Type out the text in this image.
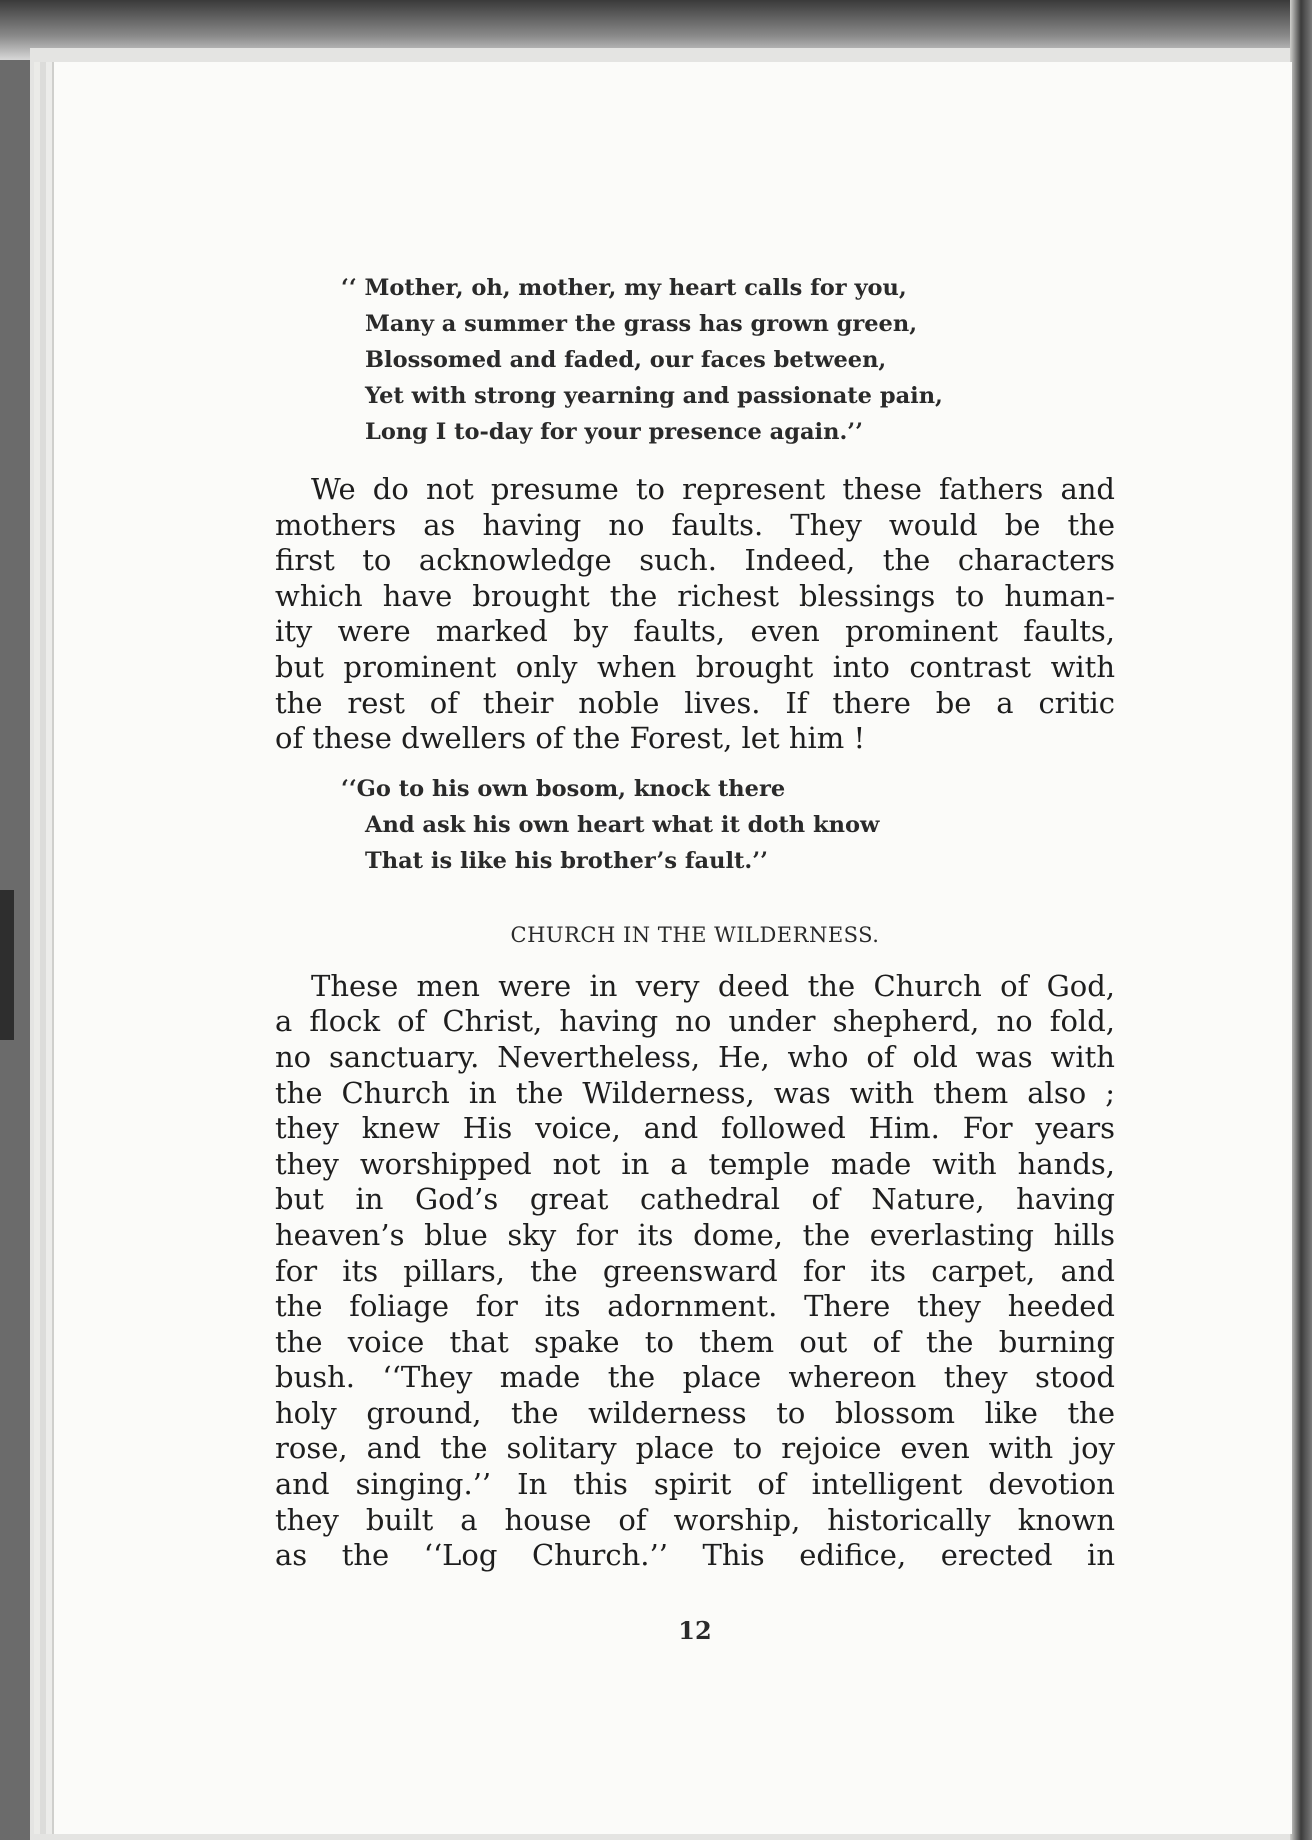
‘‘ Mother, oh, mother, my heart calls for you,
Many a summer the grass has grown green,
Blossomed and faded, our faces between,
Yet with strong yearning and passionate pain,
Long I to-day for your presence again.’’
We do not presume to represent these fathers and
mothers as having no faults. They would be the
first to acknowledge such. Indeed, the characters
which have brought the richest blessings to human-
ity were marked by faults, even prominent faults,
but prominent only when brought into contrast with
the rest of their noble lives. If there be a critic
of these dwellers of the Forest, let him !
‘‘Go to his own bosom, knock there
And ask his own heart what it doth know
That is like his brother’s fault.’’
CHURCH IN THE WILDERNESS.
These men were in very deed the Church of God,
a flock of Christ, having no under shepherd, no fold,
no sanctuary. Nevertheless, He, who of old was with
the Church in the Wilderness, was with them also ;
they knew His voice, and followed Him. For years
they worshipped not in a temple made with hands,
but in God’s great cathedral of Nature, having
heaven’s blue sky for its dome, the everlasting hills
for its pillars, the greensward for its carpet, and
the foliage for its adornment. There they heeded
the voice that spake to them out of the burning
bush. ‘‘They made the place whereon they stood
holy ground, the wilderness to blossom like the
rose, and the solitary place to rejoice even with joy
and singing.’’ In this spirit of intelligent devotion
they built a house of worship, historically known
as the ‘‘Log Church.’’ This edifice, erected in
12
